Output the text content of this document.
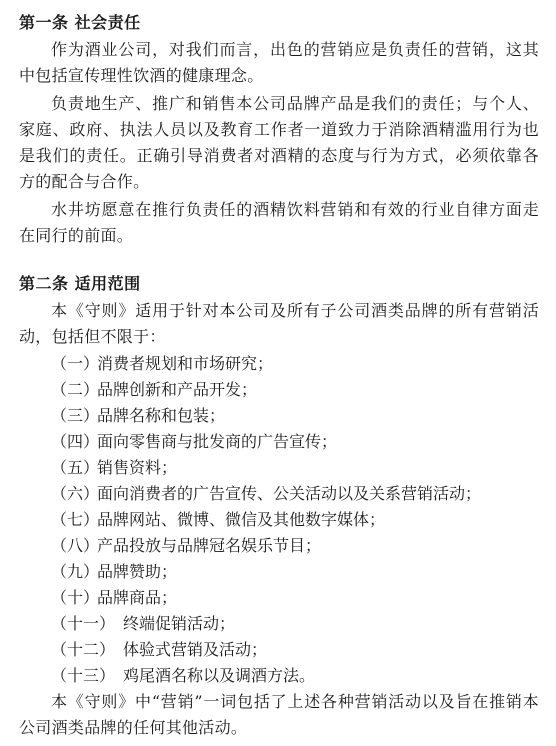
第一条 社会责任

作为酒业公司，对我们而言，出色的营销应是负责任的营销，这其中包括宣传理性饮酒的健康理念。

负责地生产、推广和销售本公司品牌产品是我们的责任；与个人、家庭、政府、执法人员以及教育工作者一道致力于消除酒精滥用行为也是我们的责任。正确引导消费者对酒精的态度与行为方式，必须依靠各方的配合与合作。

水井坊愿意在推行负责任的酒精饮料营销和有效的行业自律方面走在同行的前面。

第二条 适用范围

本《守则》适用于针对本公司及所有子公司酒类品牌的所有营销活动，包括但不限于：

（一）消费者规划和市场研究；
（二）品牌创新和产品开发；
（三）品牌名称和包装；
（四）面向零售商与批发商的广告宣传；
（五）销售资料；
（六）面向消费者的广告宣传、公关活动以及关系营销活动；
（七）品牌网站、微博、微信及其他数字媒体；
（八）产品投放与品牌冠名娱乐节目；
（九）品牌赞助；
（十）品牌商品；
（十一） 终端促销活动；
（十二） 体验式营销及活动；
（十三） 鸡尾酒名称以及调酒方法。

本《守则》中“营销”一词包括了上述各种营销活动以及旨在推销本公司酒类品牌的任何其他活动。
